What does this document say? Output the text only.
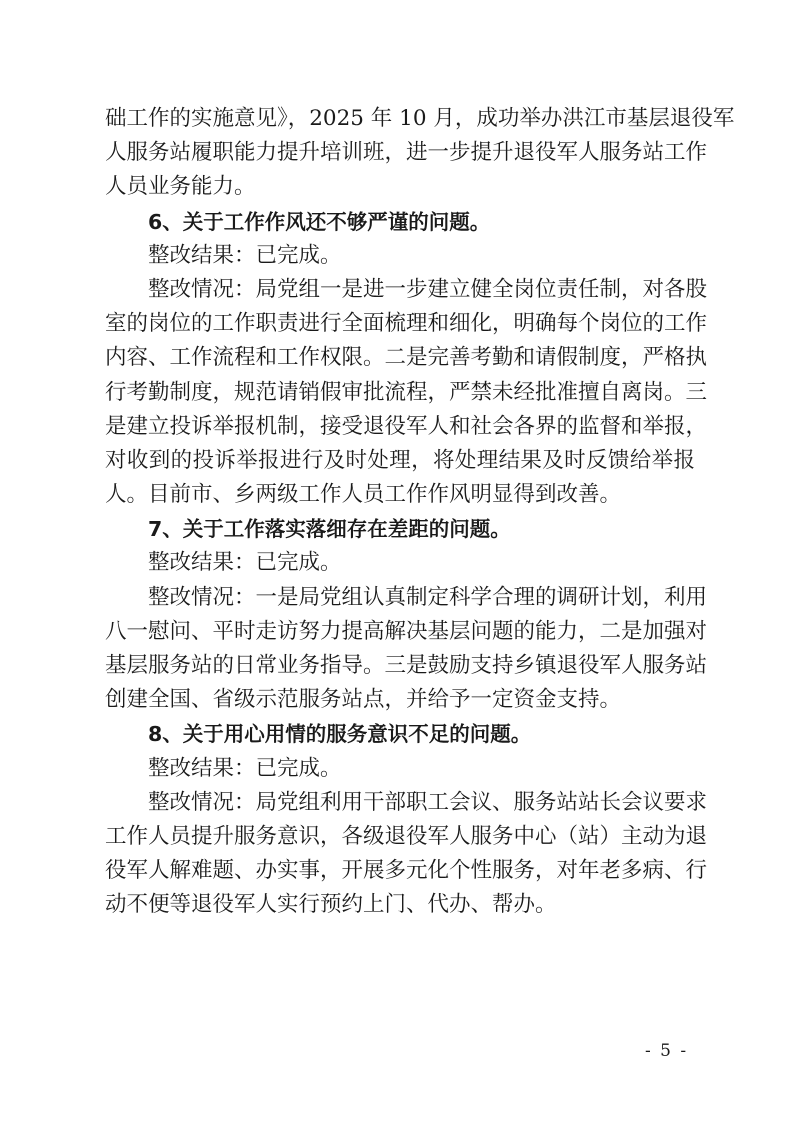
础工作的实施意见》，2025 年 10 月，成功举办洪江市基层退役军
人服务站履职能力提升培训班，进一步提升退役军人服务站工作
人员业务能力。
6、关于工作作风还不够严谨的问题。
整改结果：已完成。
整改情况：局党组一是进一步建立健全岗位责任制，对各股
室的岗位的工作职责进行全面梳理和细化，明确每个岗位的工作
内容、工作流程和工作权限。二是完善考勤和请假制度，严格执
行考勤制度，规范请销假审批流程，严禁未经批准擅自离岗。三
是建立投诉举报机制，接受退役军人和社会各界的监督和举报，
对收到的投诉举报进行及时处理，将处理结果及时反馈给举报
人。目前市、乡两级工作人员工作作风明显得到改善。
7、关于工作落实落细存在差距的问题。
整改结果：已完成。
整改情况：一是局党组认真制定科学合理的调研计划，利用
八一慰问、平时走访努力提高解决基层问题的能力，二是加强对
基层服务站的日常业务指导。三是鼓励支持乡镇退役军人服务站
创建全国、省级示范服务站点，并给予一定资金支持。
8、关于用心用情的服务意识不足的问题。
整改结果：已完成。
整改情况：局党组利用干部职工会议、服务站站长会议要求
工作人员提升服务意识，各级退役军人服务中心（站）主动为退
役军人解难题、办实事，开展多元化个性服务，对年老多病、行
动不便等退役军人实行预约上门、代办、帮办。
- 5 -
